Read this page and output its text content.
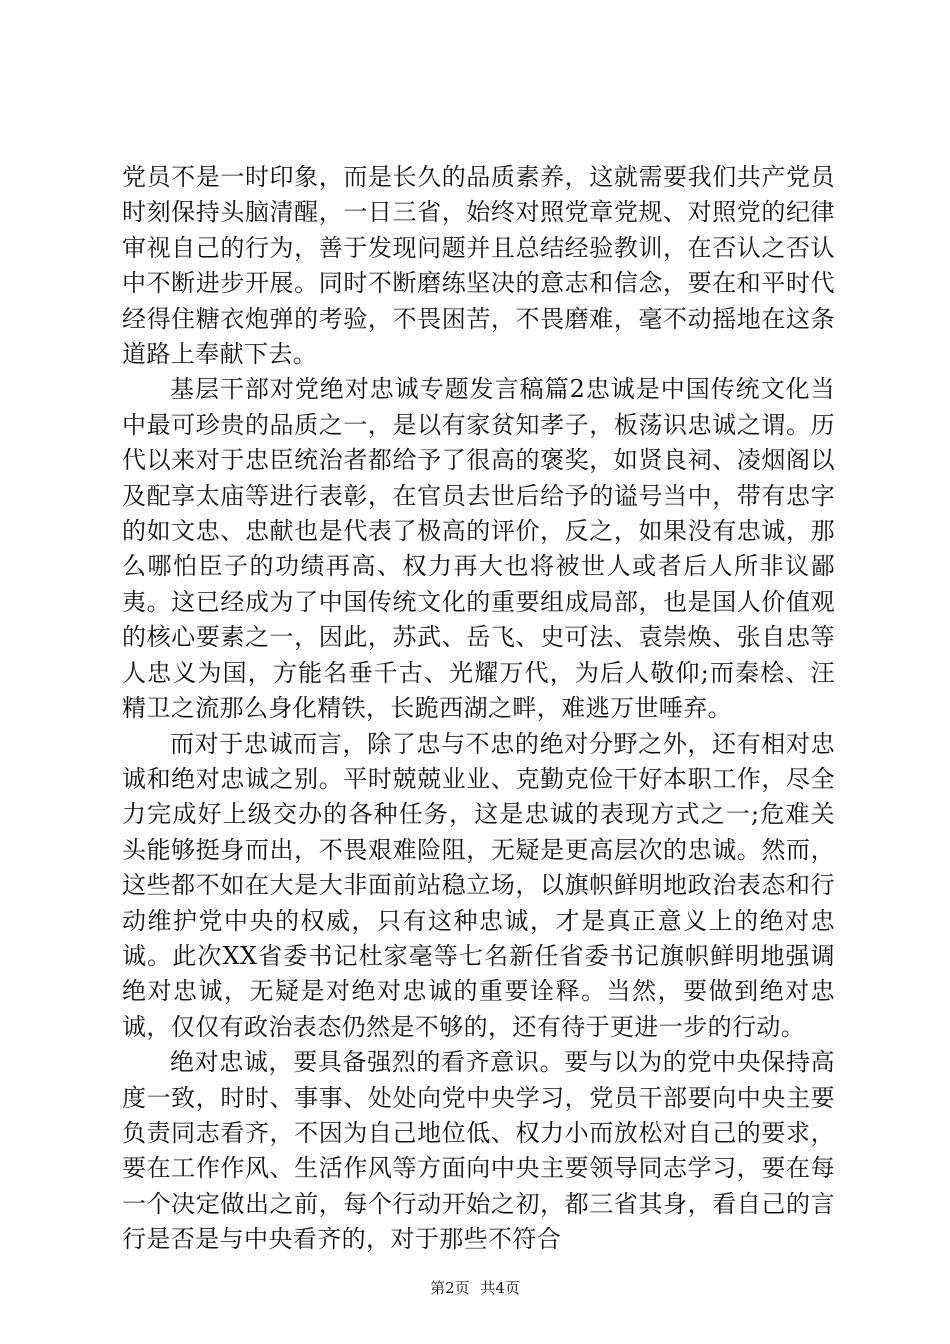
党员不是一时印象，而是长久的品质素养，这就需要我们共产党员时刻保持头脑清醒，一日三省，始终对照党章党规、对照党的纪律审视自己的行为，善于发现问题并且总结经验教训，在否认之否认中不断进步开展。同时不断磨练坚决的意志和信念，要在和平时代经得住糖衣炮弹的考验，不畏困苦，不畏磨难，毫不动摇地在这条道路上奉献下去。

基层干部对党绝对忠诚专题发言稿篇2忠诚是中国传统文化当中最可珍贵的品质之一，是以有家贫知孝子，板荡识忠诚之谓。历代以来对于忠臣统治者都给予了很高的褒奖，如贤良祠、凌烟阁以及配享太庙等进行表彰，在官员去世后给予的谥号当中，带有忠字的如文忠、忠献也是代表了极高的评价，反之，如果没有忠诚，那么哪怕臣子的功绩再高、权力再大也将被世人或者后人所非议鄙夷。这已经成为了中国传统文化的重要组成局部，也是国人价值观的核心要素之一，因此，苏武、岳飞、史可法、袁崇焕、张自忠等人忠义为国，方能名垂千古、光耀万代，为后人敬仰;而秦桧、汪精卫之流那么身化精铁，长跪西湖之畔，难逃万世唾弃。

而对于忠诚而言，除了忠与不忠的绝对分野之外，还有相对忠诚和绝对忠诚之别。平时兢兢业业、克勤克俭干好本职工作，尽全力完成好上级交办的各种任务，这是忠诚的表现方式之一;危难关头能够挺身而出，不畏艰难险阻，无疑是更高层次的忠诚。然而，这些都不如在大是大非面前站稳立场，以旗帜鲜明地政治表态和行动维护党中央的权威，只有这种忠诚，才是真正意义上的绝对忠诚。此次XX省委书记杜家毫等七名新任省委书记旗帜鲜明地强调绝对忠诚，无疑是对绝对忠诚的重要诠释。当然，要做到绝对忠诚，仅仅有政治表态仍然是不够的，还有待于更进一步的行动。

绝对忠诚，要具备强烈的看齐意识。要与以为的党中央保持高度一致，时时、事事、处处向党中央学习，党员干部要向中央主要负责同志看齐，不因为自己地位低、权力小而放松对自己的要求，要在工作作风、生活作风等方面向中央主要领导同志学习，要在每一个决定做出之前，每个行动开始之初，都三省其身，看自己的言行是否是与中央看齐的，对于那些不符合

第2页 共4页
